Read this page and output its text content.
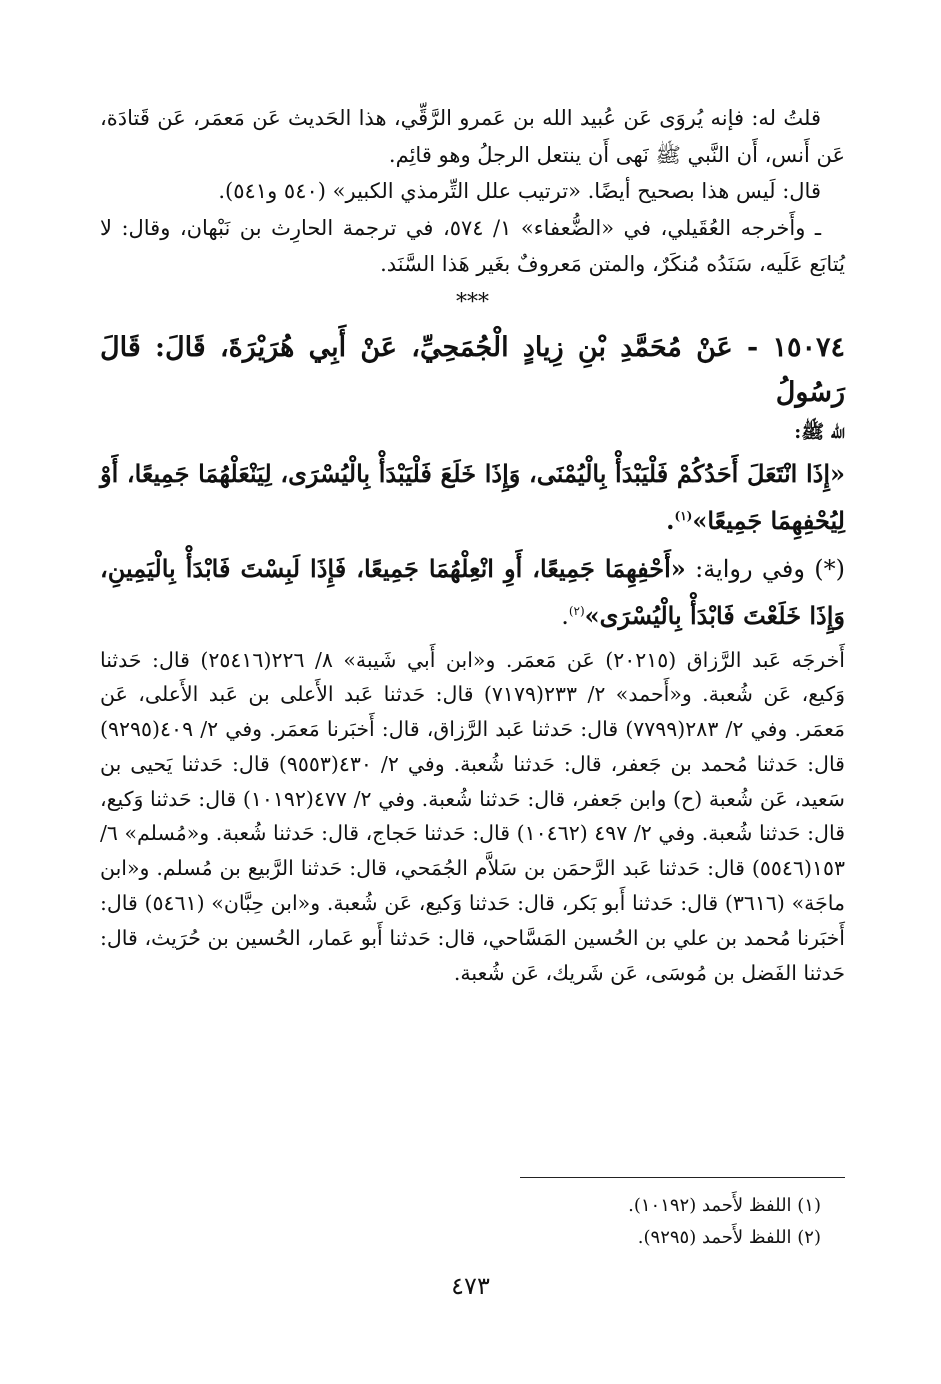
قلتُ له: فإنه يُروَى عَن عُبيد الله بن عَمرو الرَّقِّي، هذا الحَديث عَن مَعمَر، عَن قَتادَة، عَن أَنس، أَن النَّبي ﷺ نَهى أَن ينتعل الرجلُ وهو قائِم.

قال: لَيس هذا بصحيح أيضًا. «ترتيب علل التِّرمذي الكبير» (٥٤٠ و٥٤١).

ـ وأَخرجه العُقَيلي، في «الضُّعفاء» ١/ ٥٧٤، في ترجمة الحارِث بن نَبْهان، وقال: لا يُتابَع عَلَيه، سَنَدُه مُنكَرٌ، والمتن مَعروفٌ بغَير هَذا السَّنَد.

***

١٥٠٧٤ - عَنْ مُحَمَّدِ بْنِ زِيادٍ الْجُمَحِيِّ، عَنْ أَبِي هُرَيْرَةَ، قَالَ: قَالَ رَسُولُ

الله ﷺ:

«إِذَا انْتَعَلَ أَحَدُكُمْ فَلْيَبْدَأْ بِالْيُمْنَى، وَإِذَا خَلَعَ فَلْيَبْدَأْ بِالْيُسْرَى، لِيَنْعَلْهُمَا جَمِيعًا، أَوْ لِيُحْفِهِمَا جَمِيعًا»$^{(١)}$.

(*) وفي رواية: «أَحْفِهِمَا جَمِيعًا، أَوِ انْعِلْهُمَا جَمِيعًا، فَإِذَا لَبِسْتَ فَابْدَأْ بِالْيَمِينِ، وَإِذَا خَلَعْتَ فَابْدَأْ بِالْيُسْرَى»$^{(٢)}$.

أَخرجَه عَبد الرَّزاق (٢٠٢١٥) عَن مَعمَر. و«ابن أَبي شَيبة» ٨/ ٢٢٦(٢٥٤١٦) قال: حَدثنا وَكيع، عَن شُعبة. و«أَحمد» ٢/ ٢٣٣(٧١٧٩) قال: حَدثنا عَبد الأَعلى بن عَبد الأَعلى، عَن مَعمَر. وفي ٢/ ٢٨٣(٧٧٩٩) قال: حَدثنا عَبد الرَّزاق، قال: أَخبَرنا مَعمَر. وفي ٢/ ٤٠٩(٩٢٩٥) قال: حَدثنا مُحمد بن جَعفر، قال: حَدثنا شُعبة. وفي ٢/ ٤٣٠(٩٥٥٣) قال: حَدثنا يَحيى بن سَعيد، عَن شُعبة (ح) وابن جَعفر، قال: حَدثنا شُعبة. وفي ٢/ ٤٧٧(١٠١٩٢) قال: حَدثنا وَكيع، قال: حَدثنا شُعبة. وفي ٢/ ٤٩٧ (١٠٤٦٢) قال: حَدثنا حَجاج، قال: حَدثنا شُعبة. و«مُسلم» ٦/ ١٥٣(٥٥٤٦) قال: حَدثنا عَبد الرَّحمَن بن سَلاَّم الجُمَحي، قال: حَدثنا الرَّبيع بن مُسلم. و«ابن ماجَة» (٣٦١٦) قال: حَدثنا أَبو بَكر، قال: حَدثنا وَكيع، عَن شُعبة. و«ابن حِبَّان» (٥٤٦١) قال: أَخبَرنا مُحمد بن علي بن الحُسين المَسَّاحي، قال: حَدثنا أَبو عَمار، الحُسين بن حُرَيث، قال: حَدثنا الفَضل بن مُوسَى، عَن شَريك، عَن شُعبة.

(١) اللفظ لأَحمد (١٠١٩٢).
(٢) اللفظ لأَحمد (٩٢٩٥).
٤٧٣
